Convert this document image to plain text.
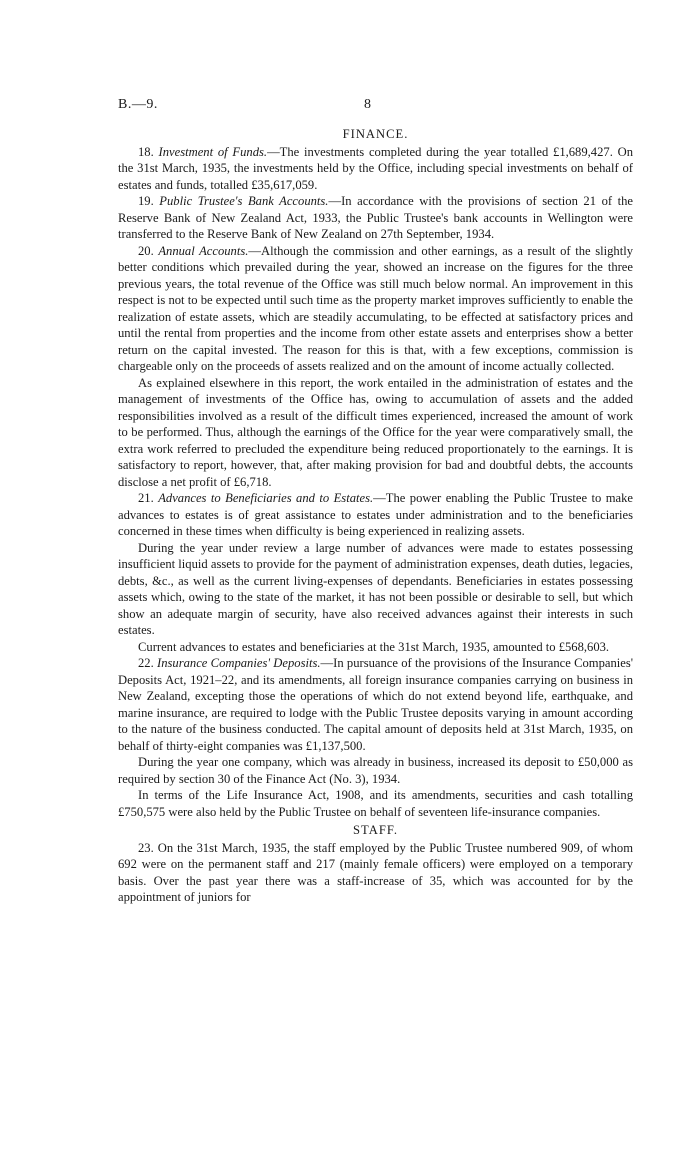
B.—9.	8
FINANCE.

18. Investment of Funds.—The investments completed during the year totalled £1,689,427. On the 31st March, 1935, the investments held by the Office, including special investments on behalf of estates and funds, totalled £35,617,059.

19. Public Trustee's Bank Accounts.—In accordance with the provisions of section 21 of the Reserve Bank of New Zealand Act, 1933, the Public Trustee's bank accounts in Wellington were transferred to the Reserve Bank of New Zealand on 27th September, 1934.

20. Annual Accounts.—Although the commission and other earnings, as a result of the slightly better conditions which prevailed during the year, showed an increase on the figures for the three previous years, the total revenue of the Office was still much below normal. An improvement in this respect is not to be expected until such time as the property market improves sufficiently to enable the realization of estate assets, which are steadily accumulating, to be effected at satisfactory prices and until the rental from properties and the income from other estate assets and enterprises show a better return on the capital invested. The reason for this is that, with a few exceptions, commission is chargeable only on the proceeds of assets realized and on the amount of income actually collected.

As explained elsewhere in this report, the work entailed in the administration of estates and the management of investments of the Office has, owing to accumulation of assets and the added responsibilities involved as a result of the difficult times experienced, increased the amount of work to be performed. Thus, although the earnings of the Office for the year were comparatively small, the extra work referred to precluded the expenditure being reduced proportionately to the earnings. It is satisfactory to report, however, that, after making provision for bad and doubtful debts, the accounts disclose a net profit of £6,718.

21. Advances to Beneficiaries and to Estates.—The power enabling the Public Trustee to make advances to estates is of great assistance to estates under administration and to the beneficiaries concerned in these times when difficulty is being experienced in realizing assets.

During the year under review a large number of advances were made to estates possessing insufficient liquid assets to provide for the payment of administration expenses, death duties, legacies, debts, &c., as well as the current living-expenses of dependants. Beneficiaries in estates possessing assets which, owing to the state of the market, it has not been possible or desirable to sell, but which show an adequate margin of security, have also received advances against their interests in such estates.

Current advances to estates and beneficiaries at the 31st March, 1935, amounted to £568,603.

22. Insurance Companies' Deposits.—In pursuance of the provisions of the Insurance Companies' Deposits Act, 1921–22, and its amendments, all foreign insurance companies carrying on business in New Zealand, excepting those the operations of which do not extend beyond life, earthquake, and marine insurance, are required to lodge with the Public Trustee deposits varying in amount according to the nature of the business conducted. The capital amount of deposits held at 31st March, 1935, on behalf of thirty-eight companies was £1,137,500.

During the year one company, which was already in business, increased its deposit to £50,000 as required by section 30 of the Finance Act (No. 3), 1934.

In terms of the Life Insurance Act, 1908, and its amendments, securities and cash totalling £750,575 were also held by the Public Trustee on behalf of seventeen life-insurance companies.

STAFF.

23. On the 31st March, 1935, the staff employed by the Public Trustee numbered 909, of whom 692 were on the permanent staff and 217 (mainly female officers) were employed on a temporary basis. Over the past year there was a staff-increase of 35, which was accounted for by the appointment of juniors for
